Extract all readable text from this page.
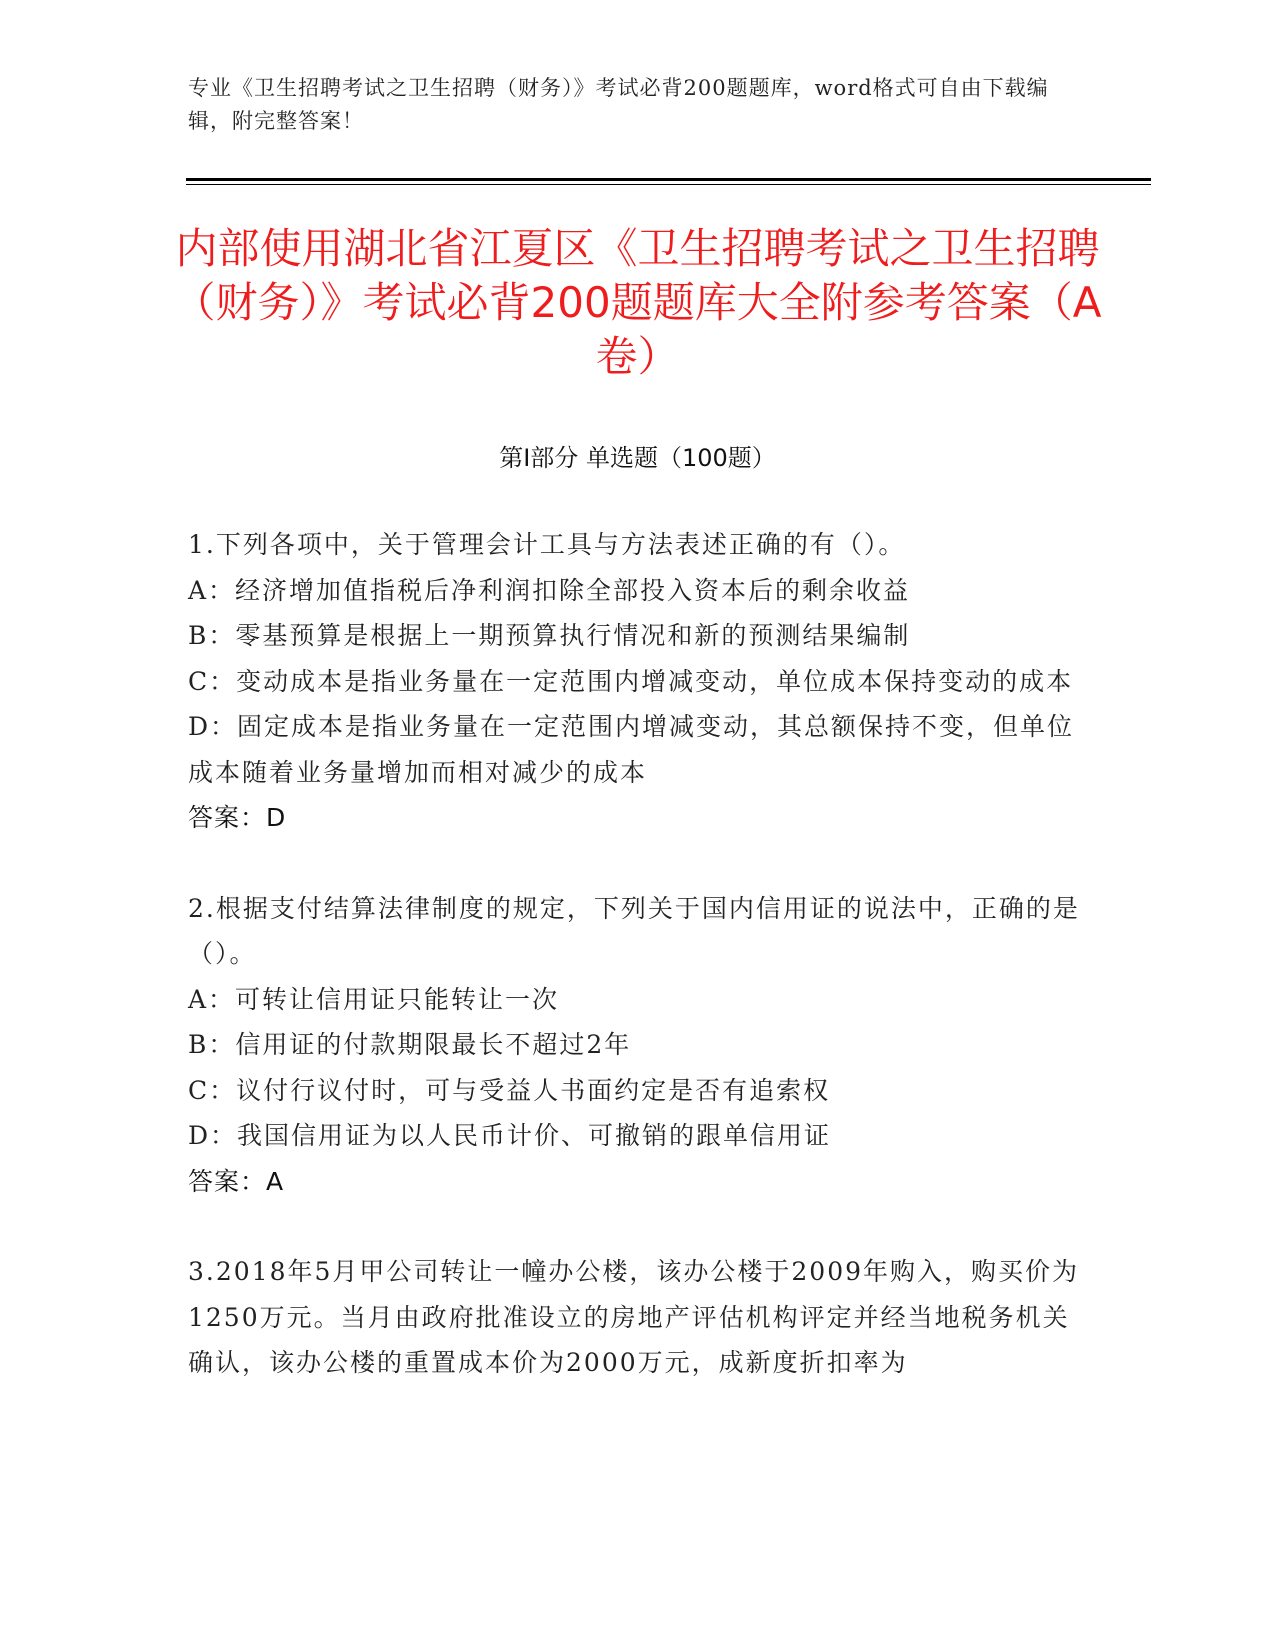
专业《卫生招聘考试之卫生招聘（财务）》考试必背200题题库，word格式可自由下载编辑，附完整答案！
内部使用湖北省江夏区《卫生招聘考试之卫生招聘（财务）》考试必背200题题库大全附参考答案（A卷）
第I部分 单选题（100题）

1.下列各项中，关于管理会计工具与方法表述正确的有（）。

A：经济增加值指税后净利润扣除全部投入资本后的剩余收益

B：零基预算是根据上一期预算执行情况和新的预测结果编制

C：变动成本是指业务量在一定范围内增减变动，单位成本保持变动的成本

D：固定成本是指业务量在一定范围内增减变动，其总额保持不变，但单位成本随着业务量增加而相对减少的成本

答案：D

2.根据支付结算法律制度的规定，下列关于国内信用证的说法中，正确的是（）。

A：可转让信用证只能转让一次

B：信用证的付款期限最长不超过2年

C：议付行议付时，可与受益人书面约定是否有追索权

D：我国信用证为以人民币计价、可撤销的跟单信用证

答案：A

3.2018年5月甲公司转让一幢办公楼，该办公楼于2009年购入，购买价为1250万元。当月由政府批准设立的房地产评估机构评定并经当地税务机关确认，该办公楼的重置成本价为2000万元，成新度折扣率为
